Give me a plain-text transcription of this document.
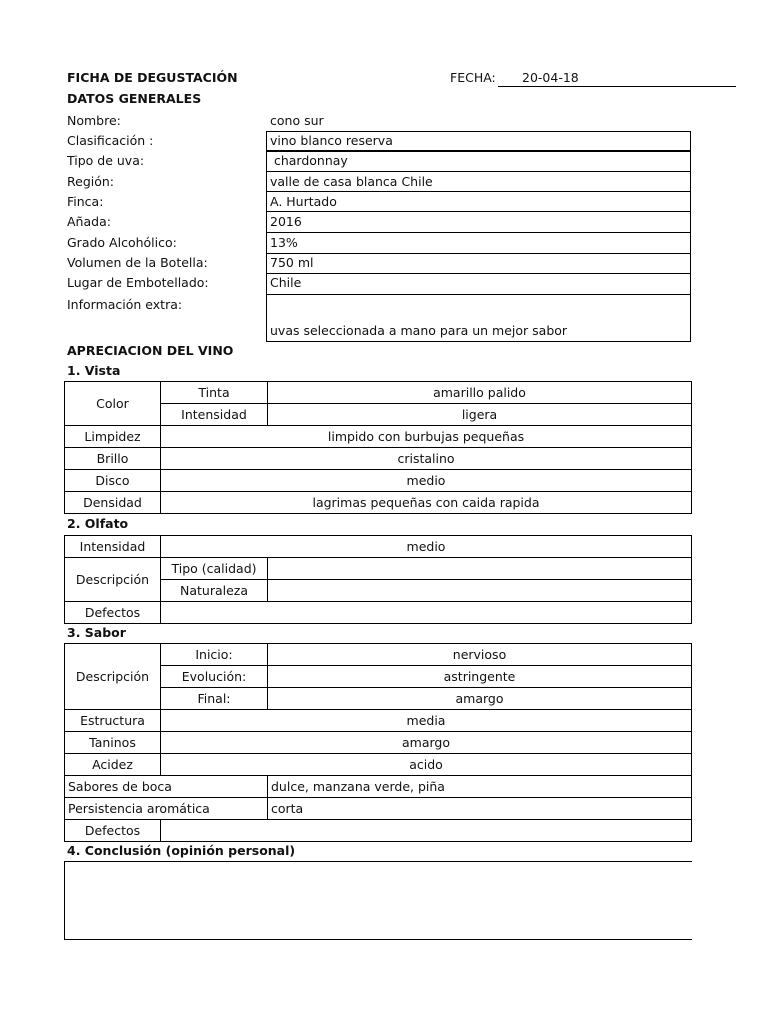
FICHA DE DEGUSTACIÓN	FECHA: 20-04-18
DATOS GENERALES
Nombre:	cono sur
Clasificación :	vino blanco reserva
Tipo de uva:	chardonnay
Región:	valle de casa blanca Chile
Finca:	A. Hurtado
Añada:	2016
Grado Alcohólico:	13%
Volumen de la Botella:	750 ml
Lugar de Embotellado:	Chile
Información extra:
uvas seleccionada a mano para un mejor sabor
APRECIACION DEL VINO
1. Vista
Color	Tinta	amarillo palido
	Intensidad	ligera
Limpidez	limpido con burbujas pequeñas	
Brillo	cristalino	
Disco	medio	
Densidad	lagrimas pequeñas con caida rapida	
2. Olfato
Intensidad	medio	
Descripción	Tipo (calidad)	
	Naturaleza	
Defectos		
3. Sabor
Descripción	Inicio:	nervioso
	Evolución:	astringente
	Final:	amargo
Estructura	media	
Taninos	amargo	
Acidez	acido	
Sabores de boca		dulce, manzana verde, piña
Persistencia aromática		corta
Defectos		
4. Conclusión (opinión personal)
